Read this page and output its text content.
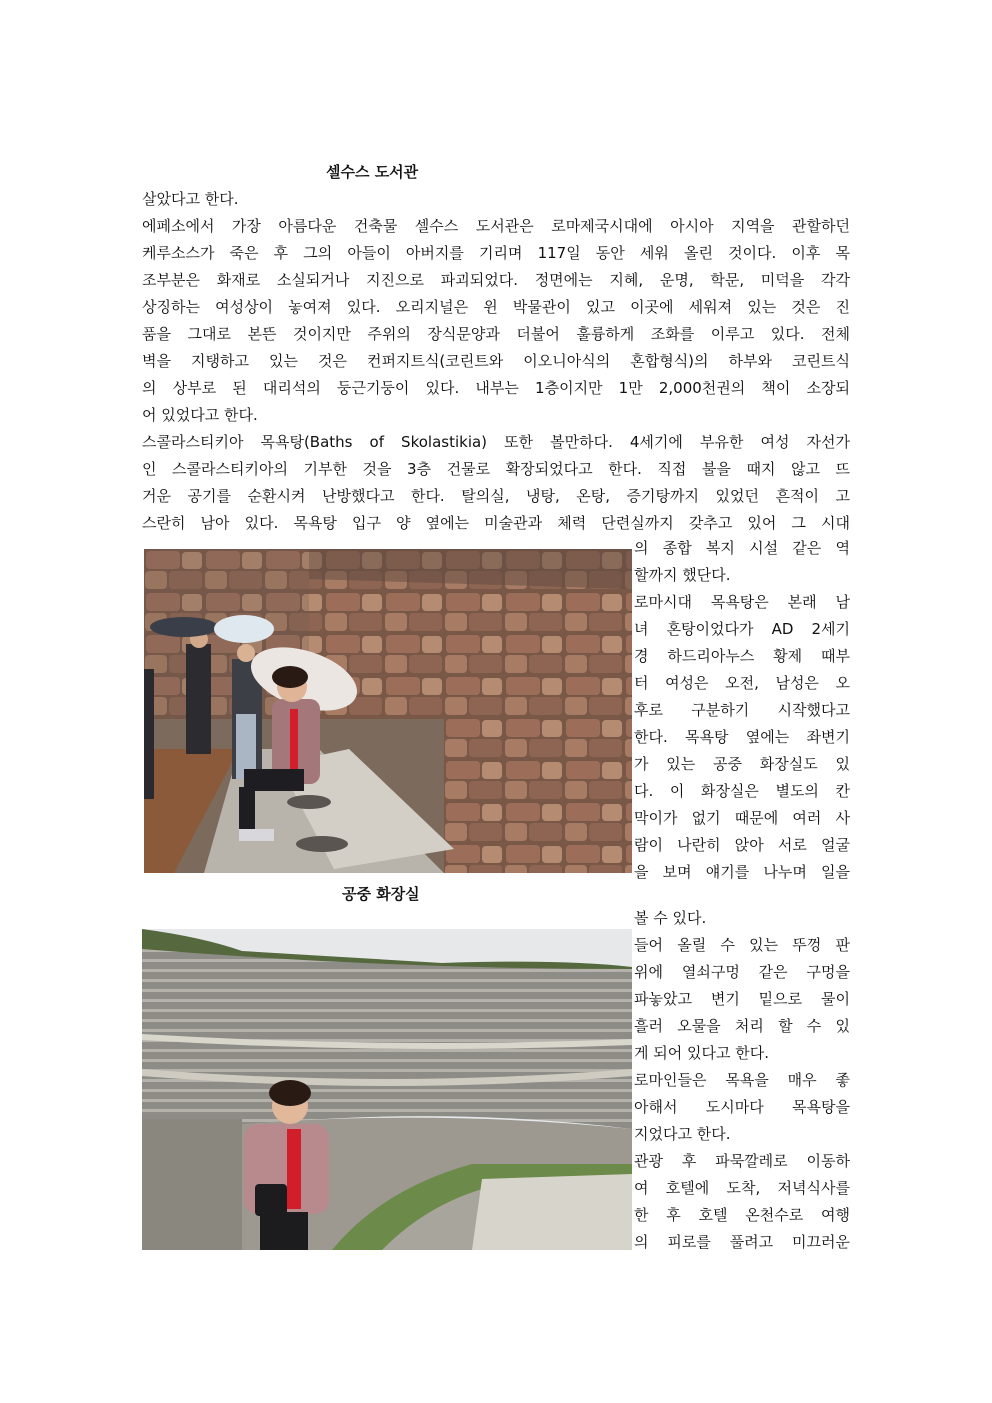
셀수스 도서관
살았다고 한다.
에페소에서 가장 아름다운 건축물 셀수스 도서관은 로마제국시대에 아시아 지역을 관할하던
케루소스가 죽은 후 그의 아들이 아버지를 기리며 117일 동안 세워 올린 것이다. 이후 목
조부분은 화재로 소실되거나 지진으로 파괴되었다. 정면에는 지혜, 운명, 학문, 미덕을 각각
상징하는 여성상이 놓여져 있다. 오리지널은 윈 박물관이 있고 이곳에 세워져 있는 것은 진
품을 그대로 본뜬 것이지만 주위의 장식문양과 더불어 훌륭하게 조화를 이루고 있다. 전체
벽을 지탱하고 있는 것은 컨퍼지트식(코린트와 이오니아식의 혼합형식)의 하부와 코린트식
의 상부로 된 대리석의 둥근기둥이 있다. 내부는 1층이지만 1만 2,000천권의 책이 소장되
어 있었다고 한다.
스콜라스티키아 목욕탕(Baths of Skolastikia) 또한 볼만하다. 4세기에 부유한 여성 자선가
인 스콜라스티키아의 기부한 것을 3층 건물로 확장되었다고 한다. 직접 불을 때지 않고 뜨
거운 공기를 순환시켜 난방했다고 한다. 탈의실, 냉탕, 온탕, 증기탕까지 있었던 흔적이 고
스란히 남아 있다. 목욕탕 입구 양 옆에는 미술관과 체력 단련실까지 갖추고 있어 그 시대
의 종합 복지 시설 같은 역
할까지 했단다.
로마시대 목욕탕은 본래 남
녀 혼탕이었다가 AD 2세기
경 하드리아누스 황제 때부
터 여성은 오전, 남성은 오
후로 구분하기 시작했다고
한다. 목욕탕 옆에는 좌변기
가 있는 공중 화장실도 있
다. 이 화장실은 별도의 칸
막이가 없기 때문에 여러 사
람이 나란히 앉아 서로 얼굴
을 보며 얘기를 나누며 일을
공중 화장실
볼 수 있다.
들어 올릴 수 있는 뚜껑 판
위에 열쇠구멍 같은 구멍을
파놓았고 변기 밑으로 물이
흘러 오물을 처리 할 수 있
게 되어 있다고 한다.
로마인들은 목욕을 매우 좋
아해서 도시마다 목욕탕을
지었다고 한다.
관광 후 파묵깔레로 이동하
여 호텔에 도착, 저녁식사를
한 후 호텔 온천수로 여행
의 피로를 풀려고 미끄러운
